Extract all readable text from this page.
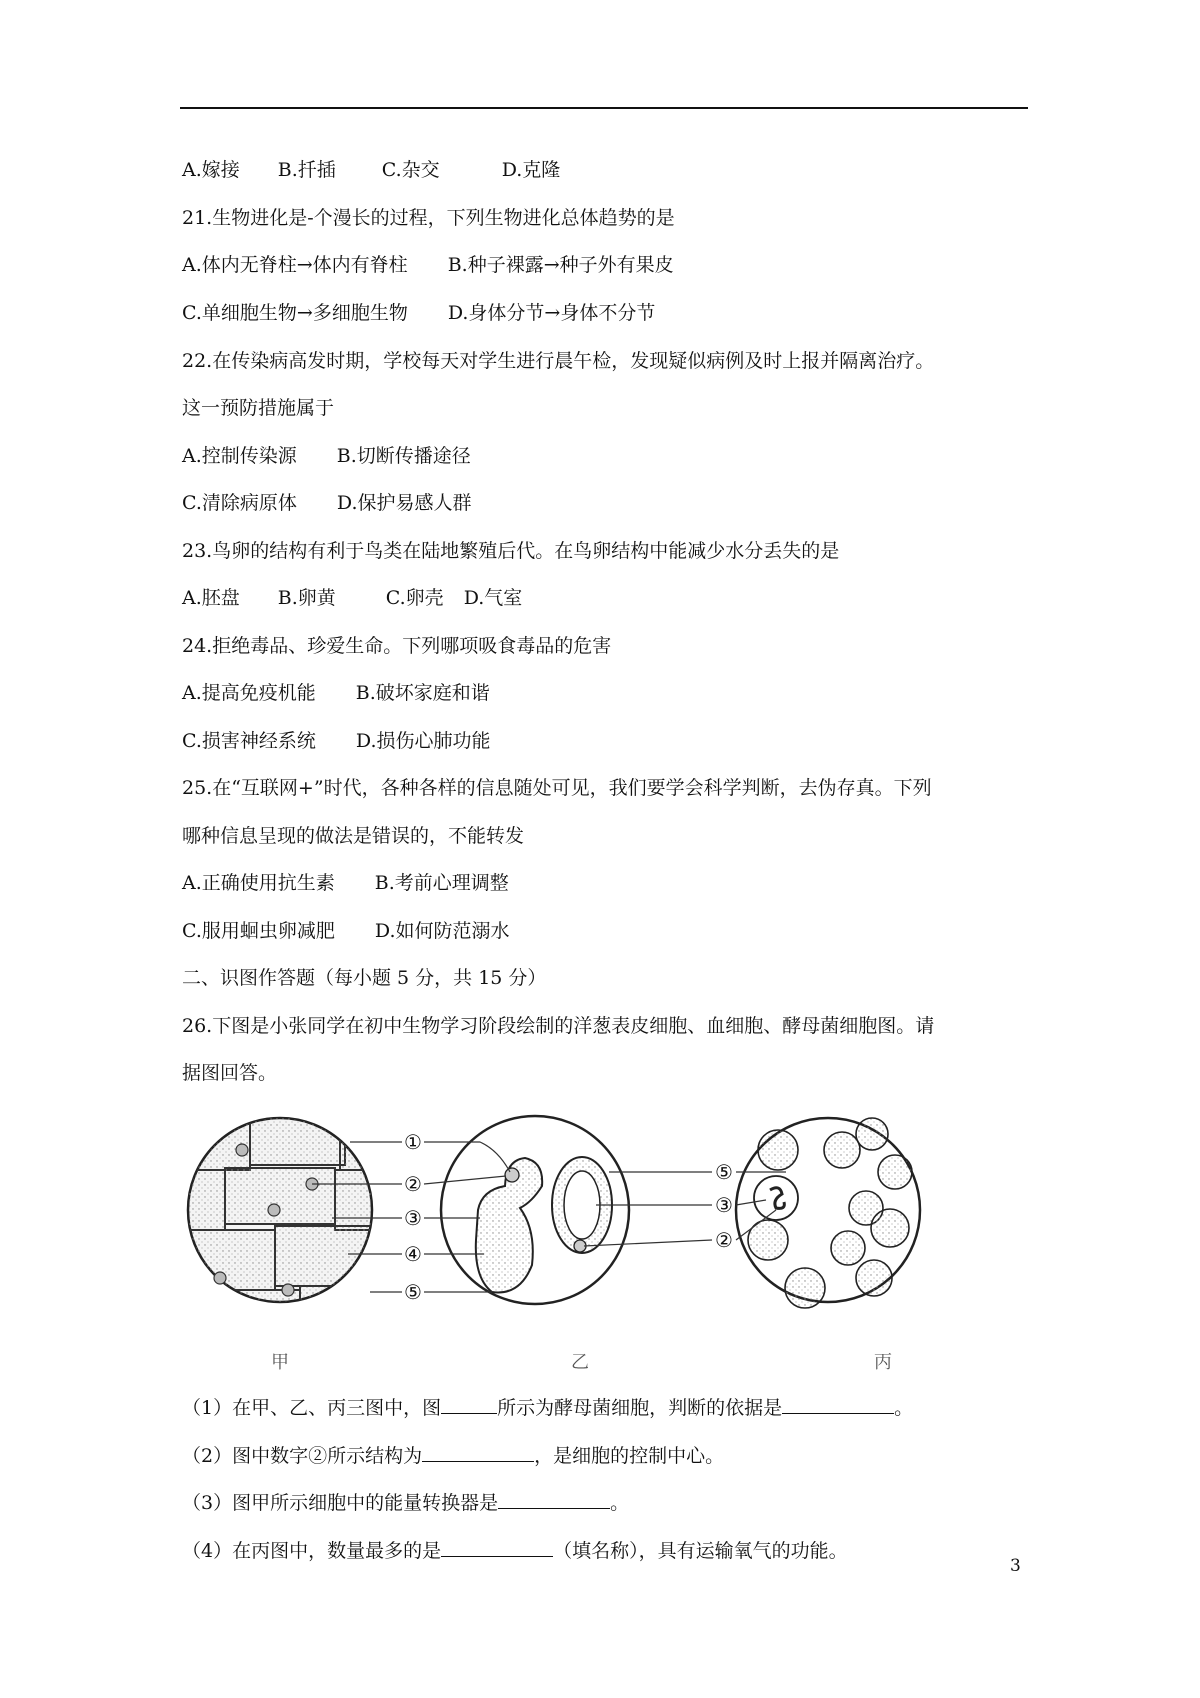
A.嫁接 B.扦插 C.杂交	D.克隆
21.生物进化是-个漫长的过程，下列生物进化总体趋势的是
A.体内无脊柱→体内有脊柱 B.种子裸露→种子外有果皮
C.单细胞生物→多细胞生物 D.身体分节→身体不分节
22.在传染病高发时期，学校每天对学生进行晨午检，发现疑似病例及时上报并隔离治疗。
这一预防措施属于
A.控制传染源 B.切断传播途径
C.清除病原体 D.保护易感人群
23.鸟卵的结构有利于鸟类在陆地繁殖后代。在鸟卵结构中能减少水分丢失的是
A.胚盘 B.卵黄	C.卵壳 D.气室
24.拒绝毒品、珍爱生命。下列哪项吸食毒品的危害
A.提高免疫机能 B.破坏家庭和谐
C.损害神经系统 D.损伤心肺功能
25.在“互联网+”时代，各种各样的信息随处可见，我们要学会科学判断，去伪存真。下列
哪种信息呈现的做法是错误的，不能转发
A.正确使用抗生素 B.考前心理调整
C.服用蛔虫卵减肥 D.如何防范溺水
二、识图作答题（每小题 5 分，共 15 分）
26.下图是小张同学在初中生物学习阶段绘制的洋葱表皮细胞、血细胞、酵母菌细胞图。请
据图回答。
①
②
③
④
⑤
⑤
③
②
甲	乙	丙
（1）在甲、乙、丙三图中，图	所示为酵母菌细胞，判断的依据是	。
（2）图中数字②所示结构为	，是细胞的控制中心。
（3）图甲所示细胞中的能量转换器是	。
（4）在丙图中，数量最多的是	（填名称），具有运输氧气的功能。
3
